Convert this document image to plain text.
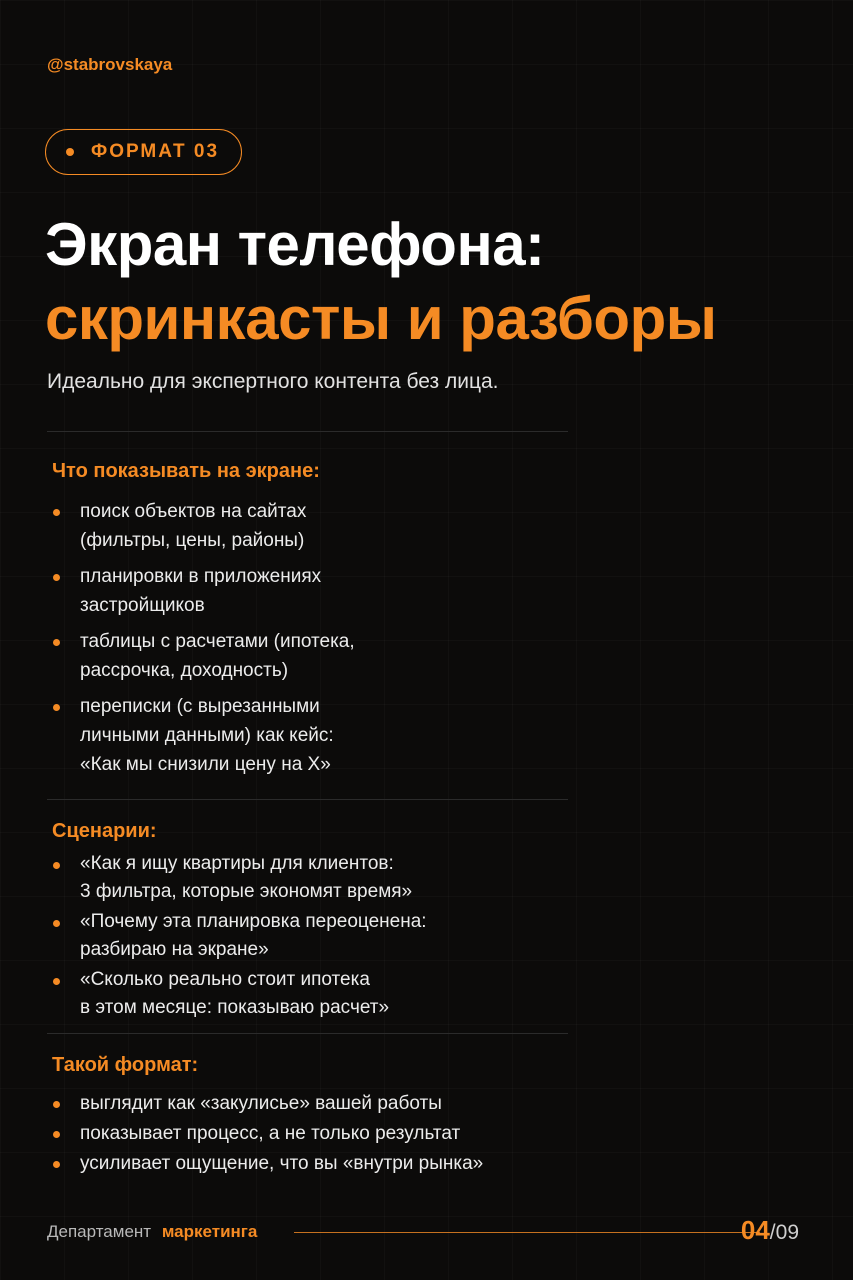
@stabrovskaya
ФОРМАТ 03
Экран телефона:
скринкасты и разборы
Идеально для экспертного контента без лица.
Что показывать на экране:
поиск объектов на сайтах
(фильтры, цены, районы)
планировки в приложениях
застройщиков
таблицы с расчетами (ипотека,
рассрочка, доходность)
переписки (с вырезанными
личными данными) как кейс:
«Как мы снизили цену на Х»
Сценарии:
«Как я ищу квартиры для клиентов:
3 фильтра, которые экономят время»
«Почему эта планировка переоценена:
разбираю на экране»
«Сколько реально стоит ипотека
в этом месяце: показываю расчет»
Такой формат:
выглядит как «закулисье» вашей работы
показывает процесс, а не только результат
усиливает ощущение, что вы «внутри рынка»
Департамент маркетинга	04/09
